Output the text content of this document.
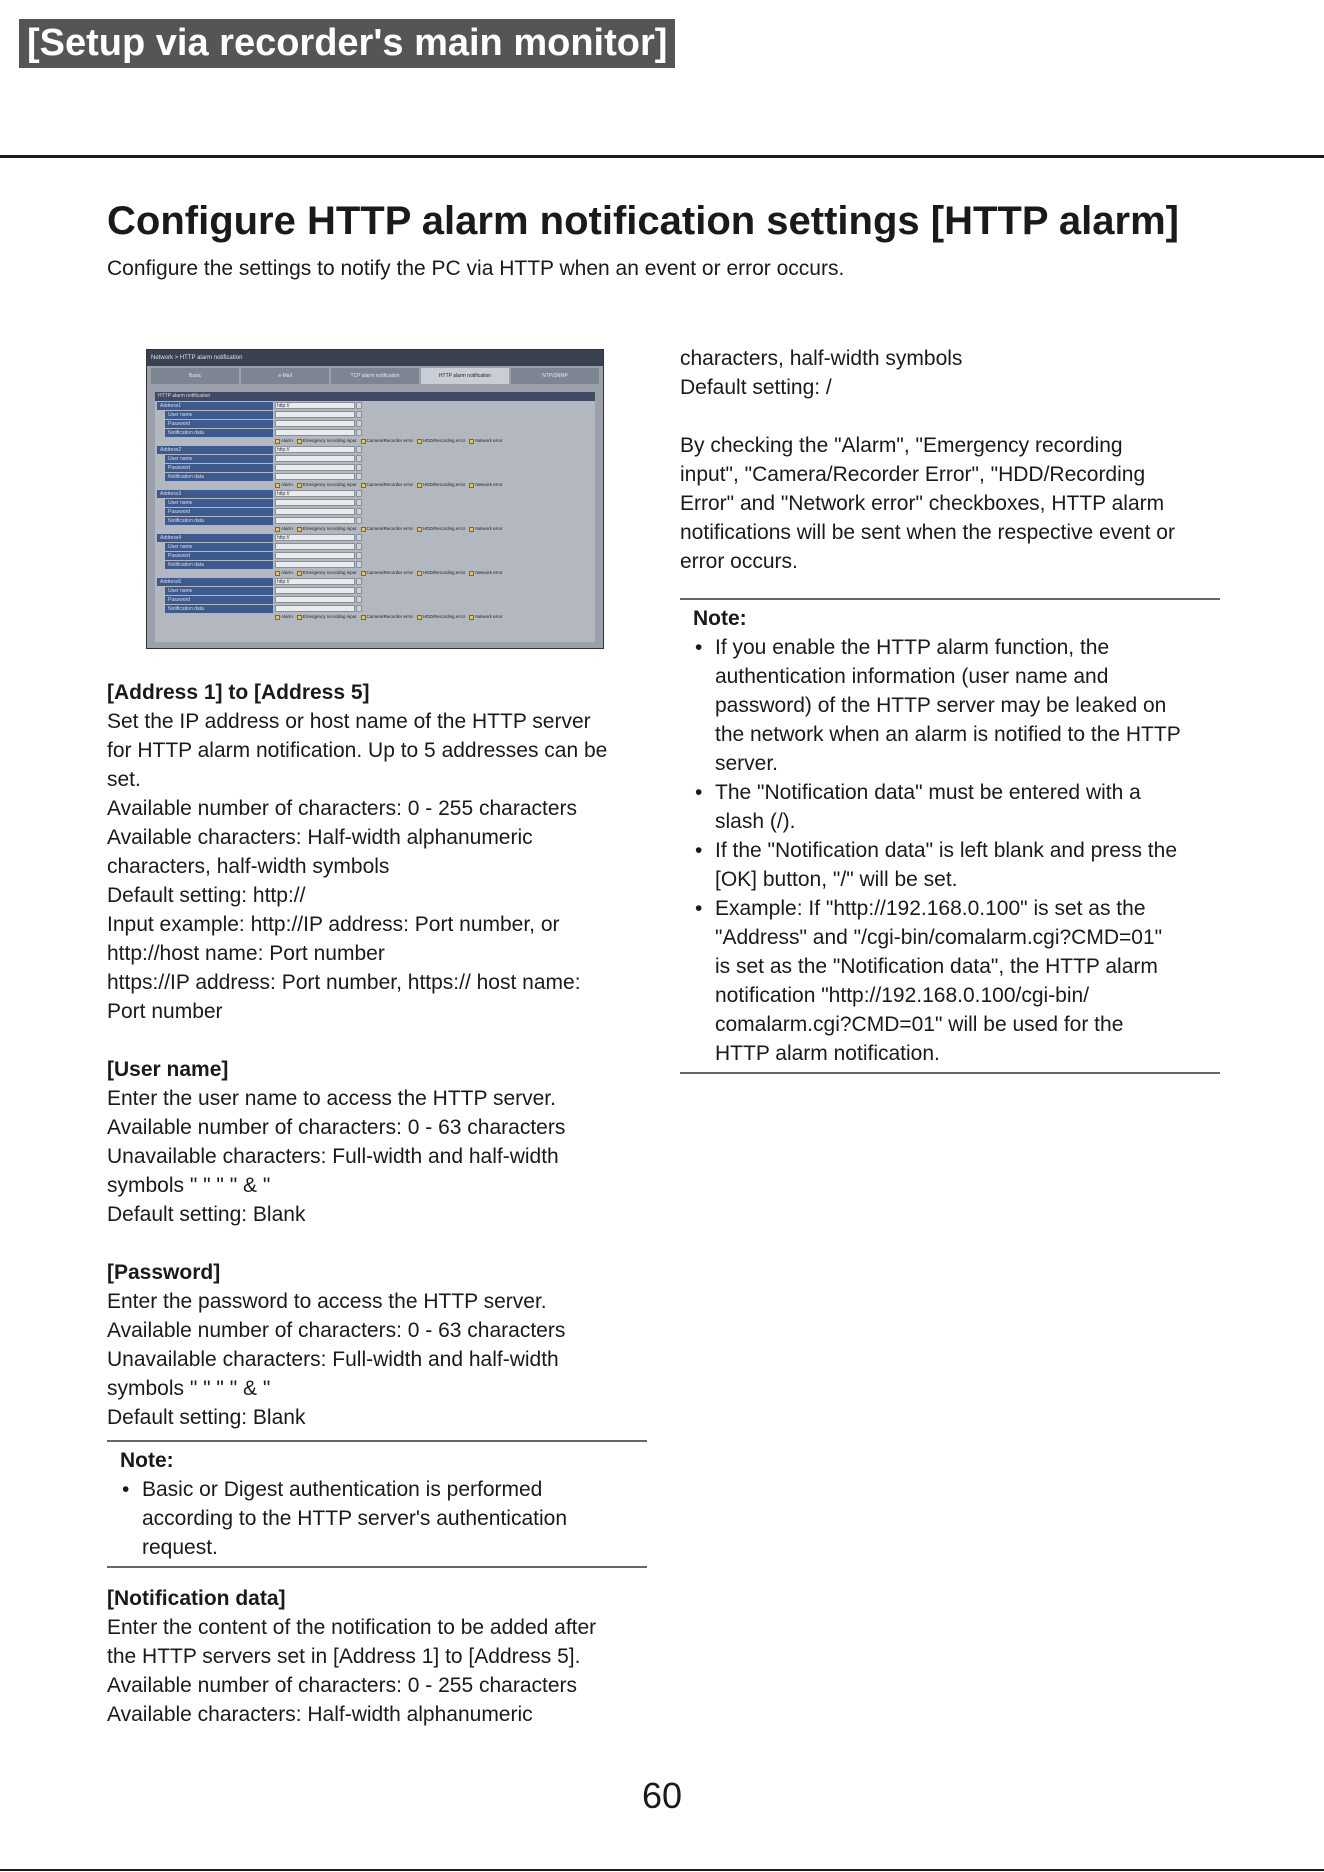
[Setup via recorder's main monitor]
Configure HTTP alarm notification settings [HTTP alarm]
Configure the settings to notify the PC via HTTP when an event or error occurs.
Network > HTTP alarm notification
Basic	e-Mail	TCP alarm notification	HTTP alarm notification	NTP/SNMP
HTTP alarm notification
Address1	http://
User name
Password
Notification data
Alarm Emergency recording input Camera/Recorder error HDD/Recording error Network error
Address2	http://
User name
Password
Notification data
Alarm Emergency recording input Camera/Recorder error HDD/Recording error Network error
Address3	http://
User name
Password
Notification data
Alarm Emergency recording input Camera/Recorder error HDD/Recording error Network error
Address4	http://
User name
Password
Notification data
Alarm Emergency recording input Camera/Recorder error HDD/Recording error Network error
Address5	http://
User name
Password
Notification data
Alarm Emergency recording input Camera/Recorder error HDD/Recording error Network error
[Address 1] to [Address 5]
Set the IP address or host name of the HTTP server
for HTTP alarm notification. Up to 5 addresses can be
set.
Available number of characters: 0 - 255 characters
Available characters: Half-width alphanumeric
characters, half-width symbols
Default setting: http://
Input example: http://IP address: Port number, or
http://host name: Port number
https://IP address: Port number, https:// host name:
Port number
[User name]
Enter the user name to access the HTTP server.
Available number of characters: 0 - 63 characters
Unavailable characters: Full-width and half-width
symbols " " " " & "
Default setting: Blank
[Password]
Enter the password to access the HTTP server.
Available number of characters: 0 - 63 characters
Unavailable characters: Full-width and half-width
symbols " " " " & "
Default setting: Blank
Note:
• Basic or Digest authentication is performed
according to the HTTP server's authentication
request.
[Notification data]
Enter the content of the notification to be added after
the HTTP servers set in [Address 1] to [Address 5].
Available number of characters: 0 - 255 characters
Available characters: Half-width alphanumeric
characters, half-width symbols
Default setting: /
By checking the "Alarm", "Emergency recording
input", "Camera/Recorder Error", "HDD/Recording
Error" and "Network error" checkboxes, HTTP alarm
notifications will be sent when the respective event or
error occurs.
Note:
• If you enable the HTTP alarm function, the
authentication information (user name and
password) of the HTTP server may be leaked on
the network when an alarm is notified to the HTTP
server.
• The "Notification data" must be entered with a
slash (/).
• If the "Notification data" is left blank and press the
[OK] button, "/" will be set.
• Example: If "http://192.168.0.100" is set as the
"Address" and "/cgi-bin/comalarm.cgi?CMD=01"
is set as the "Notification data", the HTTP alarm
notification "http://192.168.0.100/cgi-bin/
comalarm.cgi?CMD=01" will be used for the
HTTP alarm notification.
60
